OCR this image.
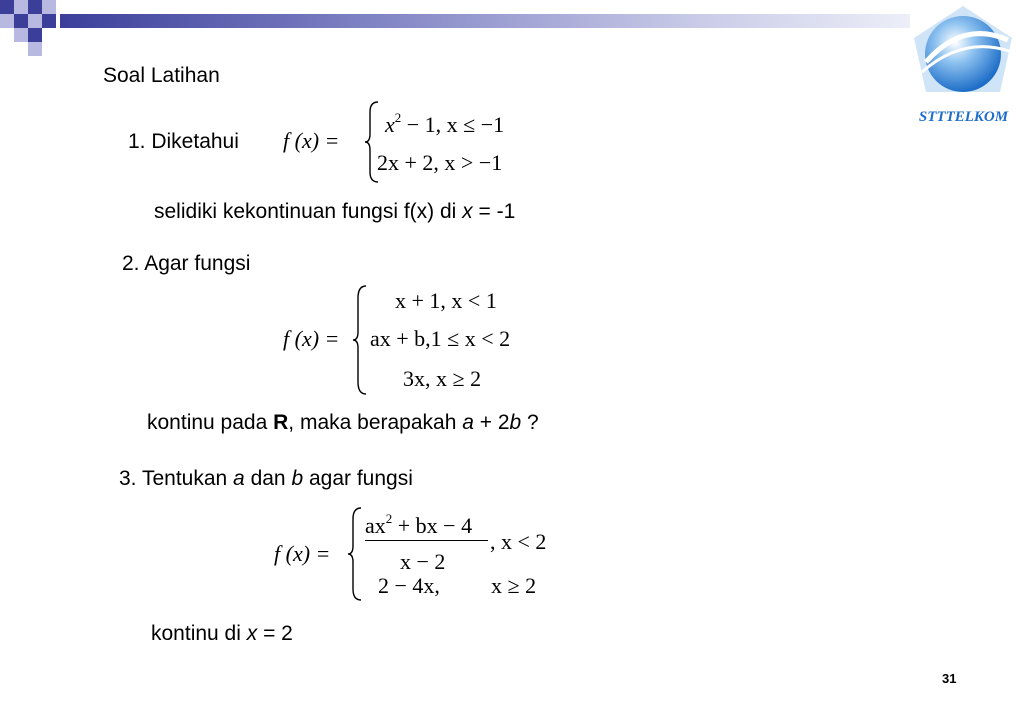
STTTELKOM
Soal Latihan
1. Diketahui f (x) =
$x^2 - 1$, x ≤ −1
2x + 2, x > −1
selidiki kekontinuan fungsi f(x) di x = -1
2. Agar fungsi
f (x) =
x + 1, x < 1
ax + b,1 ≤ x < 2
3x, x ≥ 2
kontinu pada R, maka berapakah a + 2b ?
3. Tentukan a dan b agar fungsi
f (x) =
$ax^2$ + bx − 4
x − 2
, x < 2
2 − 4x, x ≥ 2
kontinu di x = 2
31
